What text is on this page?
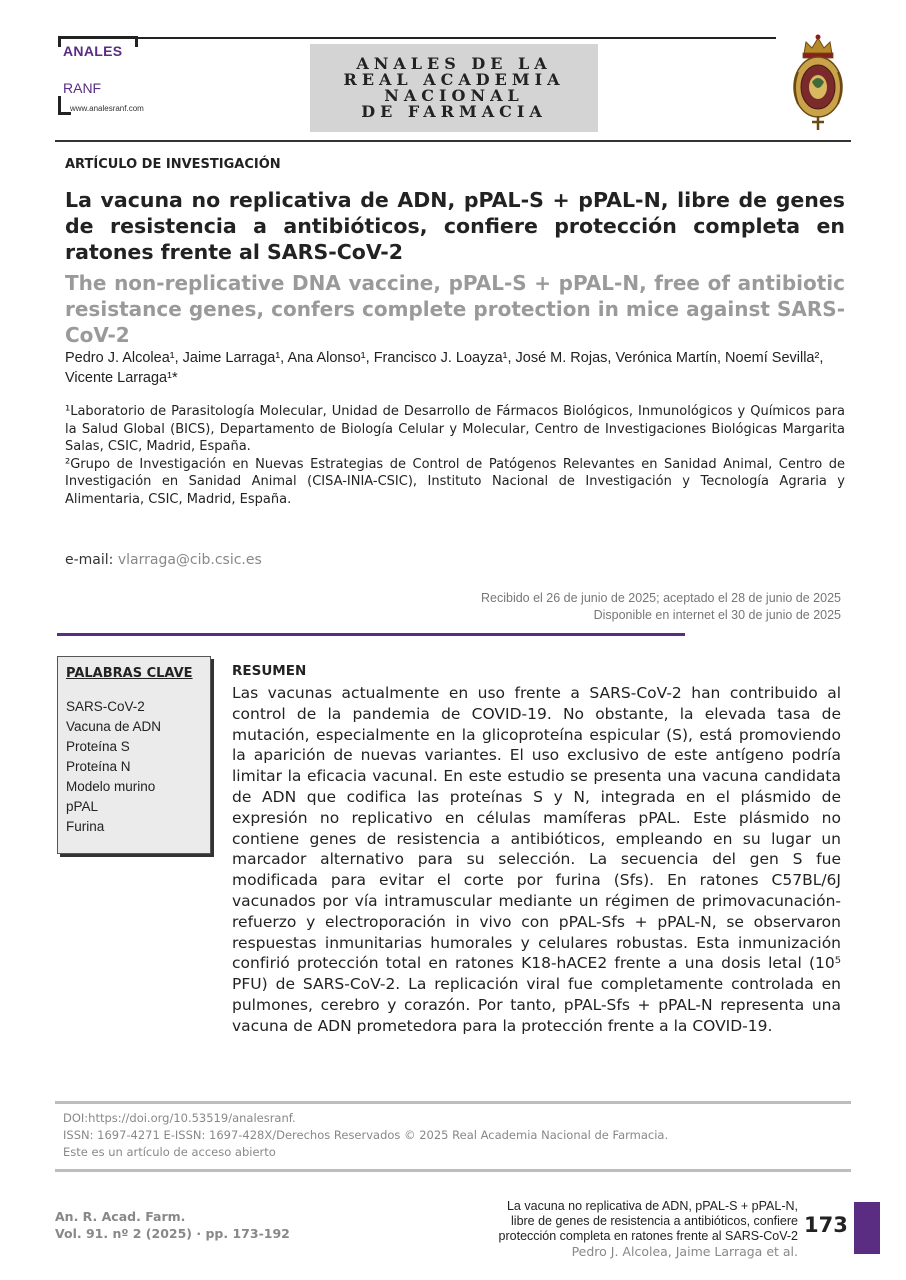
ANALES
RANF
www.analesranf.com
ANALES DE LA
REAL ACADEMIA
NACIONAL
DE FARMACIA
ARTÍCULO DE INVESTIGACIÓN
La vacuna no replicativa de ADN, pPAL-S + pPAL-N, libre de genes de resistencia a antibióticos, confiere protección completa en ratones frente al SARS-CoV-2
The non-replicative DNA vaccine, pPAL-S + pPAL-N, free of antibiotic resistance genes, confers complete protection in mice against SARS-CoV-2
Pedro J. Alcolea¹, Jaime Larraga¹, Ana Alonso¹, Francisco J. Loayza¹, José M. Rojas, Verónica Martín, Noemí Sevilla², Vicente Larraga¹*

¹Laboratorio de Parasitología Molecular, Unidad de Desarrollo de Fármacos Biológicos, Inmunológicos y Químicos para la Salud Global (BICS), Departamento de Biología Celular y Molecular, Centro de Investigaciones Biológicas Margarita Salas, CSIC, Madrid, España.

²Grupo de Investigación en Nuevas Estrategias de Control de Patógenos Relevantes en Sanidad Animal, Centro de Investigación en Sanidad Animal (CISA-INIA-CSIC), Instituto Nacional de Investigación y Tecnología Agraria y Alimentaria, CSIC, Madrid, España.

e-mail: vlarraga@cib.csic.es
Recibido el 26 de junio de 2025; aceptado el 28 de junio de 2025
Disponible en internet el 30 de junio de 2025
PALABRAS CLAVE
SARS-CoV-2
Vacuna de ADN
Proteína S
Proteína N
Modelo murino
pPAL
Furina
RESUMEN

Las vacunas actualmente en uso frente a SARS-CoV-2 han contribuido al control de la pandemia de COVID-19. No obstante, la elevada tasa de mutación, especialmente en la glicoproteína espicular (S), está promoviendo la aparición de nuevas variantes. El uso exclusivo de este antígeno podría limitar la eficacia vacunal. En este estudio se presenta una vacuna candidata de ADN que codifica las proteínas S y N, integrada en el plásmido de expresión no replicativo en células mamíferas pPAL. Este plásmido no contiene genes de resistencia a antibióticos, empleando en su lugar un marcador alternativo para su selección. La secuencia del gen S fue modificada para evitar el corte por furina (Sfs). En ratones C57BL/6J vacunados por vía intramuscular mediante un régimen de primovacunación-refuerzo y electroporación in vivo con pPAL-Sfs + pPAL-N, se observaron respuestas inmunitarias humorales y celulares robustas. Esta inmunización confirió protección total en ratones K18-hACE2 frente a una dosis letal (10⁵ PFU) de SARS-CoV-2. La replicación viral fue completamente controlada en pulmones, cerebro y corazón. Por tanto, pPAL-Sfs + pPAL-N representa una vacuna de ADN prometedora para la protección frente a la COVID-19.

DOI:https://doi.org/10.53519/analesranf.
ISSN: 1697-4271 E-ISSN: 1697-428X/Derechos Reservados © 2025 Real Academia Nacional de Farmacia.
Este es un artículo de acceso abierto
An. R. Acad. Farm.
Vol. 91. nº 2 (2025) · pp. 173-192
La vacuna no replicativa de ADN, pPAL-S + pPAL-N,
libre de genes de resistencia a antibióticos, confiere
protección completa en ratones frente al SARS-CoV-2
Pedro J. Alcolea, Jaime Larraga et al.
173
